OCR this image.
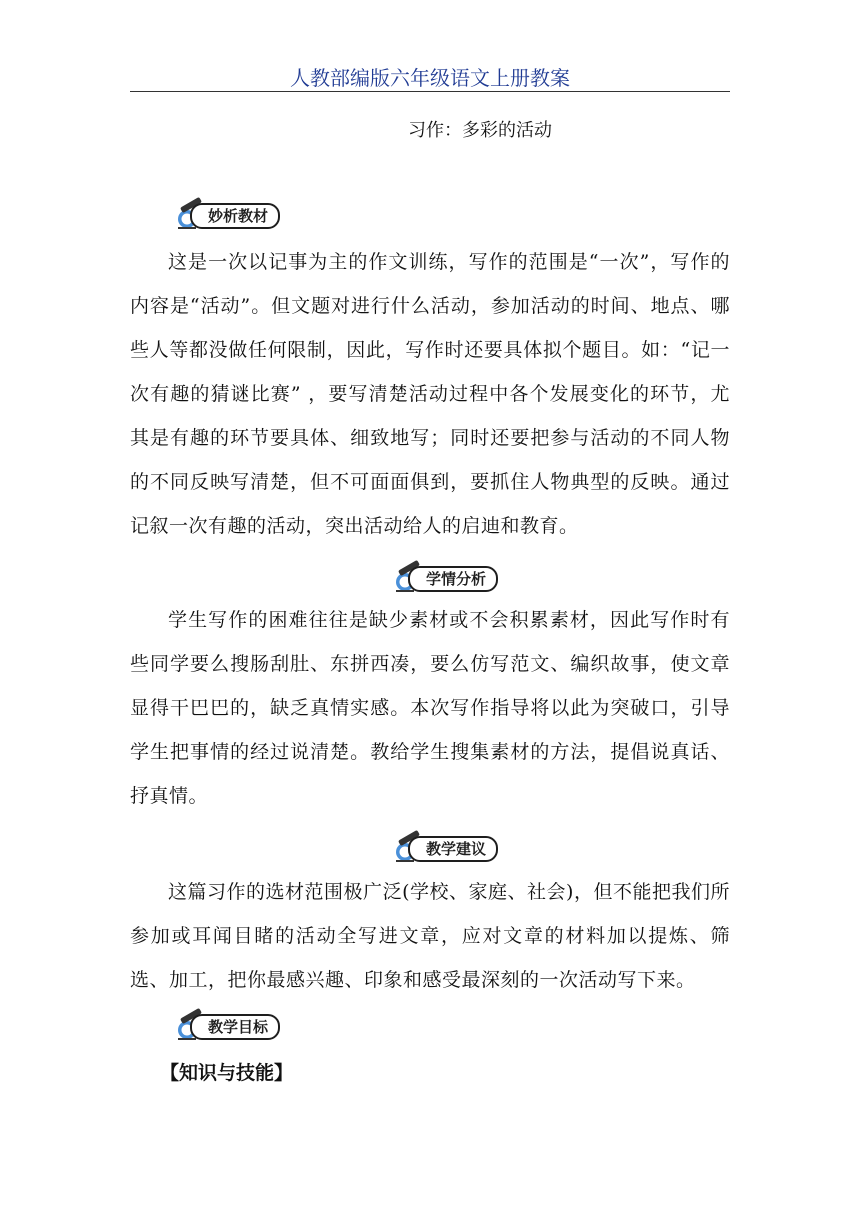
人教部编版六年级语文上册教案
习作：多彩的活动
妙析教材
这是一次以记事为主的作文训练，写作的范围是“一次”，写作的内容是“活动”。但文题对进行什么活动，参加活动的时间、地点、哪些人等都没做任何限制，因此，写作时还要具体拟个题目。如：“记一次有趣的猜谜比赛” ，要写清楚活动过程中各个发展变化的环节，尤其是有趣的环节要具体、细致地写；同时还要把参与活动的不同人物的不同反映写清楚，但不可面面俱到，要抓住人物典型的反映。通过记叙一次有趣的活动，突出活动给人的启迪和教育。
学情分析
学生写作的困难往往是缺少素材或不会积累素材，因此写作时有些同学要么搜肠刮肚、东拼西凑，要么仿写范文、编织故事，使文章显得干巴巴的，缺乏真情实感。本次写作指导将以此为突破口，引导学生把事情的经过说清楚。教给学生搜集素材的方法，提倡说真话、抒真情。
教学建议
这篇习作的选材范围极广泛(学校、家庭、社会)，但不能把我们所参加或耳闻目睹的活动全写进文章，应对文章的材料加以提炼、筛选、加工，把你最感兴趣、印象和感受最深刻的一次活动写下来。
教学目标
【知识与技能】
